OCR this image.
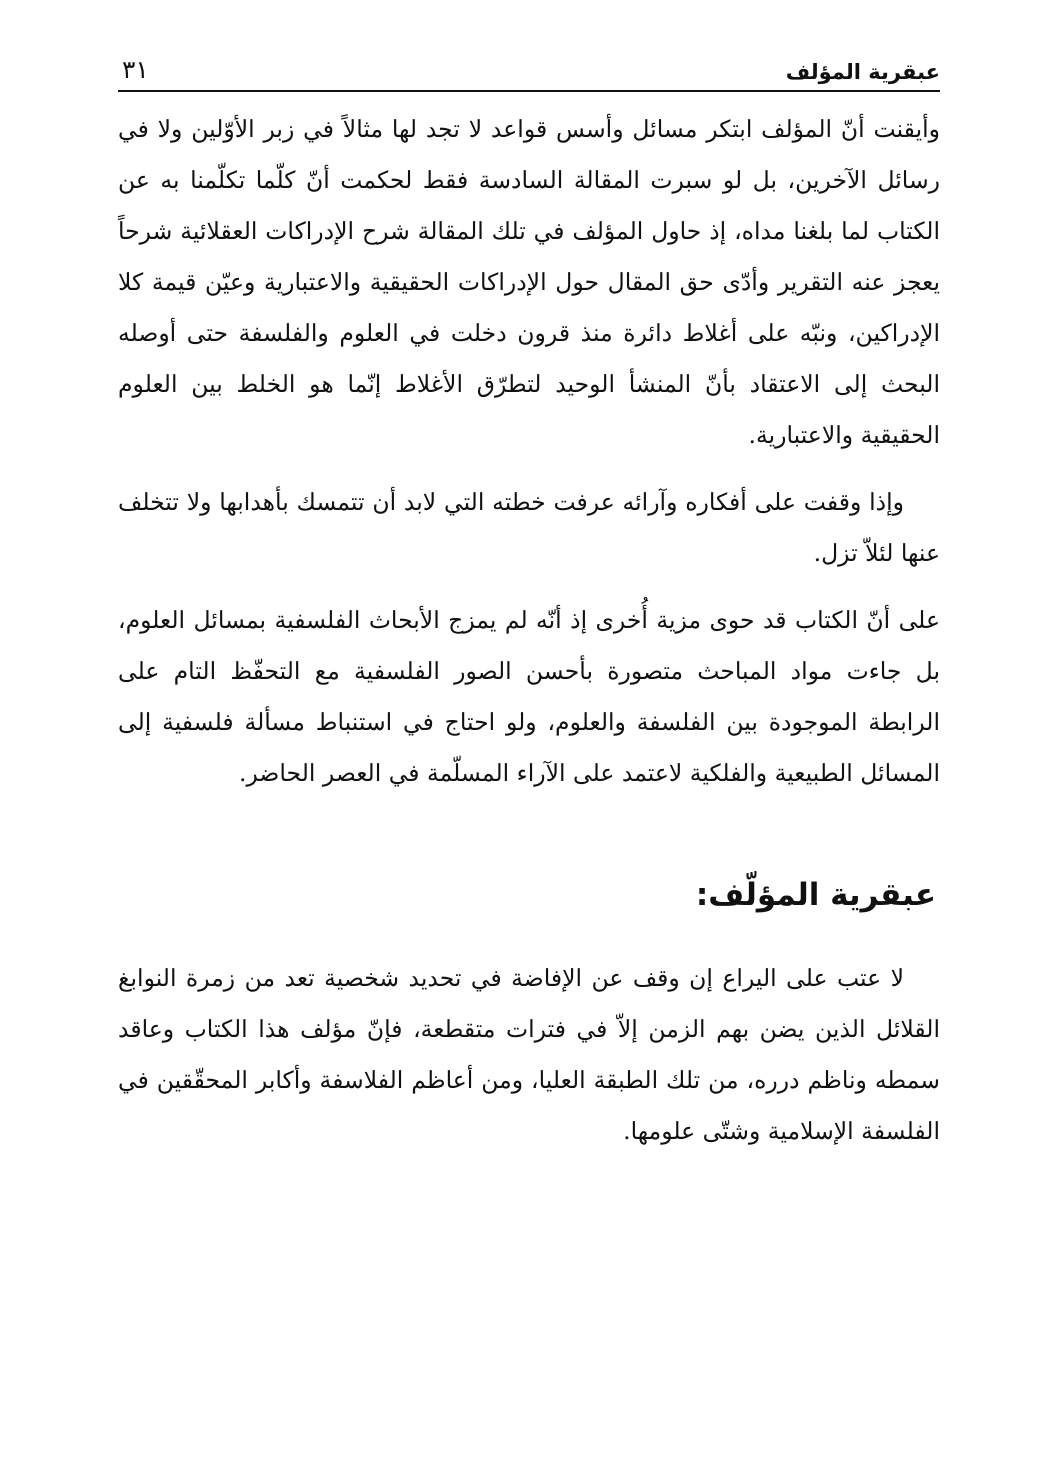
عبقرية المؤلف
٣١

وأيقنت أنّ المؤلف ابتكر مسائل وأسس قواعد لا تجد لها مثالاً في زبر الأوّلين ولا في رسائل الآخرين، بل لو سبرت المقالة السادسة فقط لحكمت أنّ كلّما تكلّمنا به عن الكتاب لما بلغنا مداه، إذ حاول المؤلف في تلك المقالة شرح الإدراكات العقلائية شرحاً يعجز عنه التقرير وأدّى حق المقال حول الإدراكات الحقيقية والاعتبارية وعيّن قيمة كلا الإدراكين، ونبّه على أغلاط دائرة منذ قرون دخلت في العلوم والفلسفة حتى أوصله البحث إلى الاعتقاد بأنّ المنشأ الوحيد لتطرّق الأغلاط إنّما هو الخلط بين العلوم الحقيقية والاعتبارية.

وإذا وقفت على أفكاره وآرائه عرفت خطته التي لابد أن تتمسك بأهدابها ولا تتخلف عنها لئلاّ تزل.

على أنّ الكتاب قد حوى مزية أُخرى إذ أنّه لم يمزج الأبحاث الفلسفية بمسائل العلوم، بل جاءت مواد المباحث متصورة بأحسن الصور الفلسفية مع التحفّظ التام على الرابطة الموجودة بين الفلسفة والعلوم، ولو احتاج في استنباط مسألة فلسفية إلى المسائل الطبيعية والفلكية لاعتمد على الآراء المسلّمة في العصر الحاضر.

عبقرية المؤلّف:

لا عتب على اليراع إن وقف عن الإفاضة في تحديد شخصية تعد من زمرة النوابغ القلائل الذين يضن بهم الزمن إلاّ في فترات متقطعة، فإنّ مؤلف هذا الكتاب وعاقد سمطه وناظم درره، من تلك الطبقة العليا، ومن أعاظم الفلاسفة وأكابر المحقّقين في الفلسفة الإسلامية وشتّى علومها.
